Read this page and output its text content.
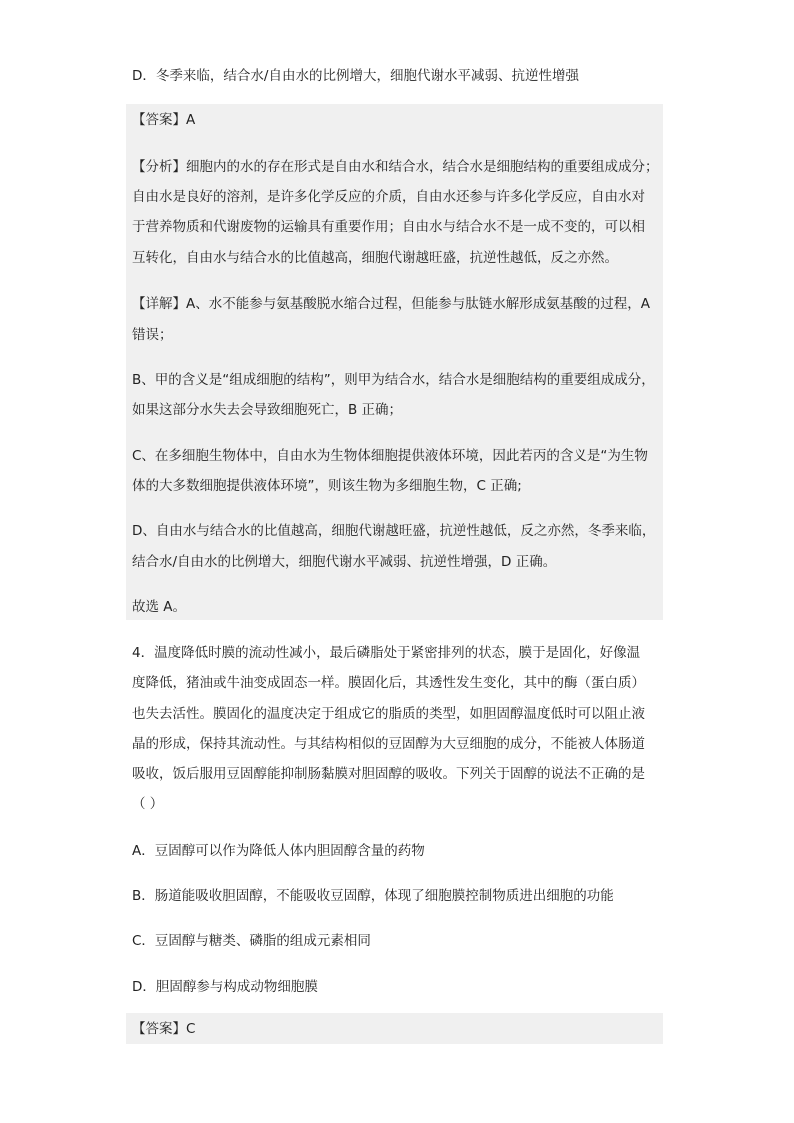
D．冬季来临，结合水/自由水的比例增大，细胞代谢水平减弱、抗逆性增强
【答案】A
【分析】细胞内的水的存在形式是自由水和结合水，结合水是细胞结构的重要组成成分；
自由水是良好的溶剂，是许多化学反应的介质，自由水还参与许多化学反应，自由水对
于营养物质和代谢废物的运输具有重要作用；自由水与结合水不是一成不变的，可以相
互转化，自由水与结合水的比值越高，细胞代谢越旺盛，抗逆性越低，反之亦然。
【详解】A、水不能参与氨基酸脱水缩合过程，但能参与肽链水解形成氨基酸的过程，A
错误；
B、甲的含义是“组成细胞的结构”，则甲为结合水，结合水是细胞结构的重要组成成分，
如果这部分水失去会导致细胞死亡，B 正确；
C、在多细胞生物体中，自由水为生物体细胞提供液体环境，因此若丙的含义是“为生物
体的大多数细胞提供液体环境”，则该生物为多细胞生物，C 正确;
D、自由水与结合水的比值越高，细胞代谢越旺盛，抗逆性越低，反之亦然，冬季来临，
结合水/自由水的比例增大，细胞代谢水平减弱、抗逆性增强，D 正确。
故选 A。
4．温度降低时膜的流动性减小，最后磷脂处于紧密排列的状态，膜于是固化，好像温
度降低，猪油或牛油变成固态一样。膜固化后，其透性发生变化，其中的酶（蛋白质）
也失去活性。膜固化的温度决定于组成它的脂质的类型，如胆固醇温度低时可以阻止液
晶的形成，保持其流动性。与其结构相似的豆固醇为大豆细胞的成分，不能被人体肠道
吸收，饭后服用豆固醇能抑制肠黏膜对胆固醇的吸收。下列关于固醇的说法不正确的是
（ ）
A．豆固醇可以作为降低人体内胆固醇含量的药物
B．肠道能吸收胆固醇，不能吸收豆固醇，体现了细胞膜控制物质进出细胞的功能
C．豆固醇与糖类、磷脂的组成元素相同
D．胆固醇参与构成动物细胞膜
【答案】C
